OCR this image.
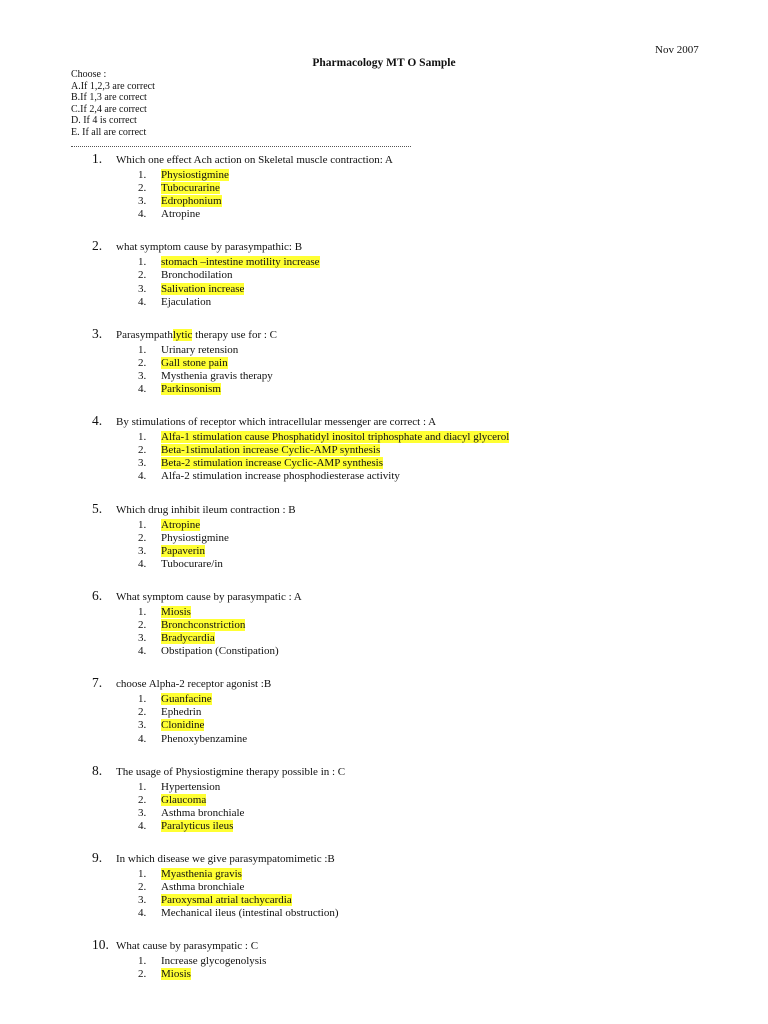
Nov 2007
Pharmacology MT O Sample
Choose :
A.If 1,2,3 are correct
B.If 1,3 are correct
C.If 2,4 are correct
D. If 4 is correct
E. If all are correct
1. Which one effect Ach action on Skeletal muscle contraction: A
1. Physiostigmine
2. Tubocurarine
3. Edrophonium
4. Atropine
2. what symptom cause by parasympathic: B
1. stomach –intestine motility increase
2. Bronchodilation
3. Salivation increase
4. Ejaculation
3. Parasympathlytic therapy use for : C
1. Urinary retension
2. Gall stone pain
3. Mysthenia gravis therapy
4. Parkinsonism
4. By stimulations of receptor which intracellular messenger are correct : A
1. Alfa-1 stimulation cause Phosphatidyl inositol triphosphate and diacyl glycerol
2. Beta-1stimulation increase Cyclic-AMP synthesis
3. Beta-2 stimulation increase Cyclic-AMP synthesis
4. Alfa-2 stimulation increase phosphodiesterase activity
5. Which drug inhibit ileum contraction : B
1. Atropine
2. Physiostigmine
3. Papaverin
4. Tubocurare/in
6. What symptom cause by parasympatic : A
1. Miosis
2. Bronchconstriction
3. Bradycardia
4. Obstipation (Constipation)
7. choose Alpha-2 receptor agonist :B
1. Guanfacine
2. Ephedrin
3. Clonidine
4. Phenoxybenzamine
8. The usage of Physiostigmine therapy possible in : C
1. Hypertension
2. Glaucoma
3. Asthma bronchiale
4. Paralyticus ileus
9. In which disease we give parasympatomimetic :B
1. Myasthenia gravis
2. Asthma bronchiale
3. Paroxysmal atrial tachycardia
4. Mechanical ileus (intestinal obstruction)
10. What cause by parasympatic : C
1. Increase glycogenolysis
2. Miosis
